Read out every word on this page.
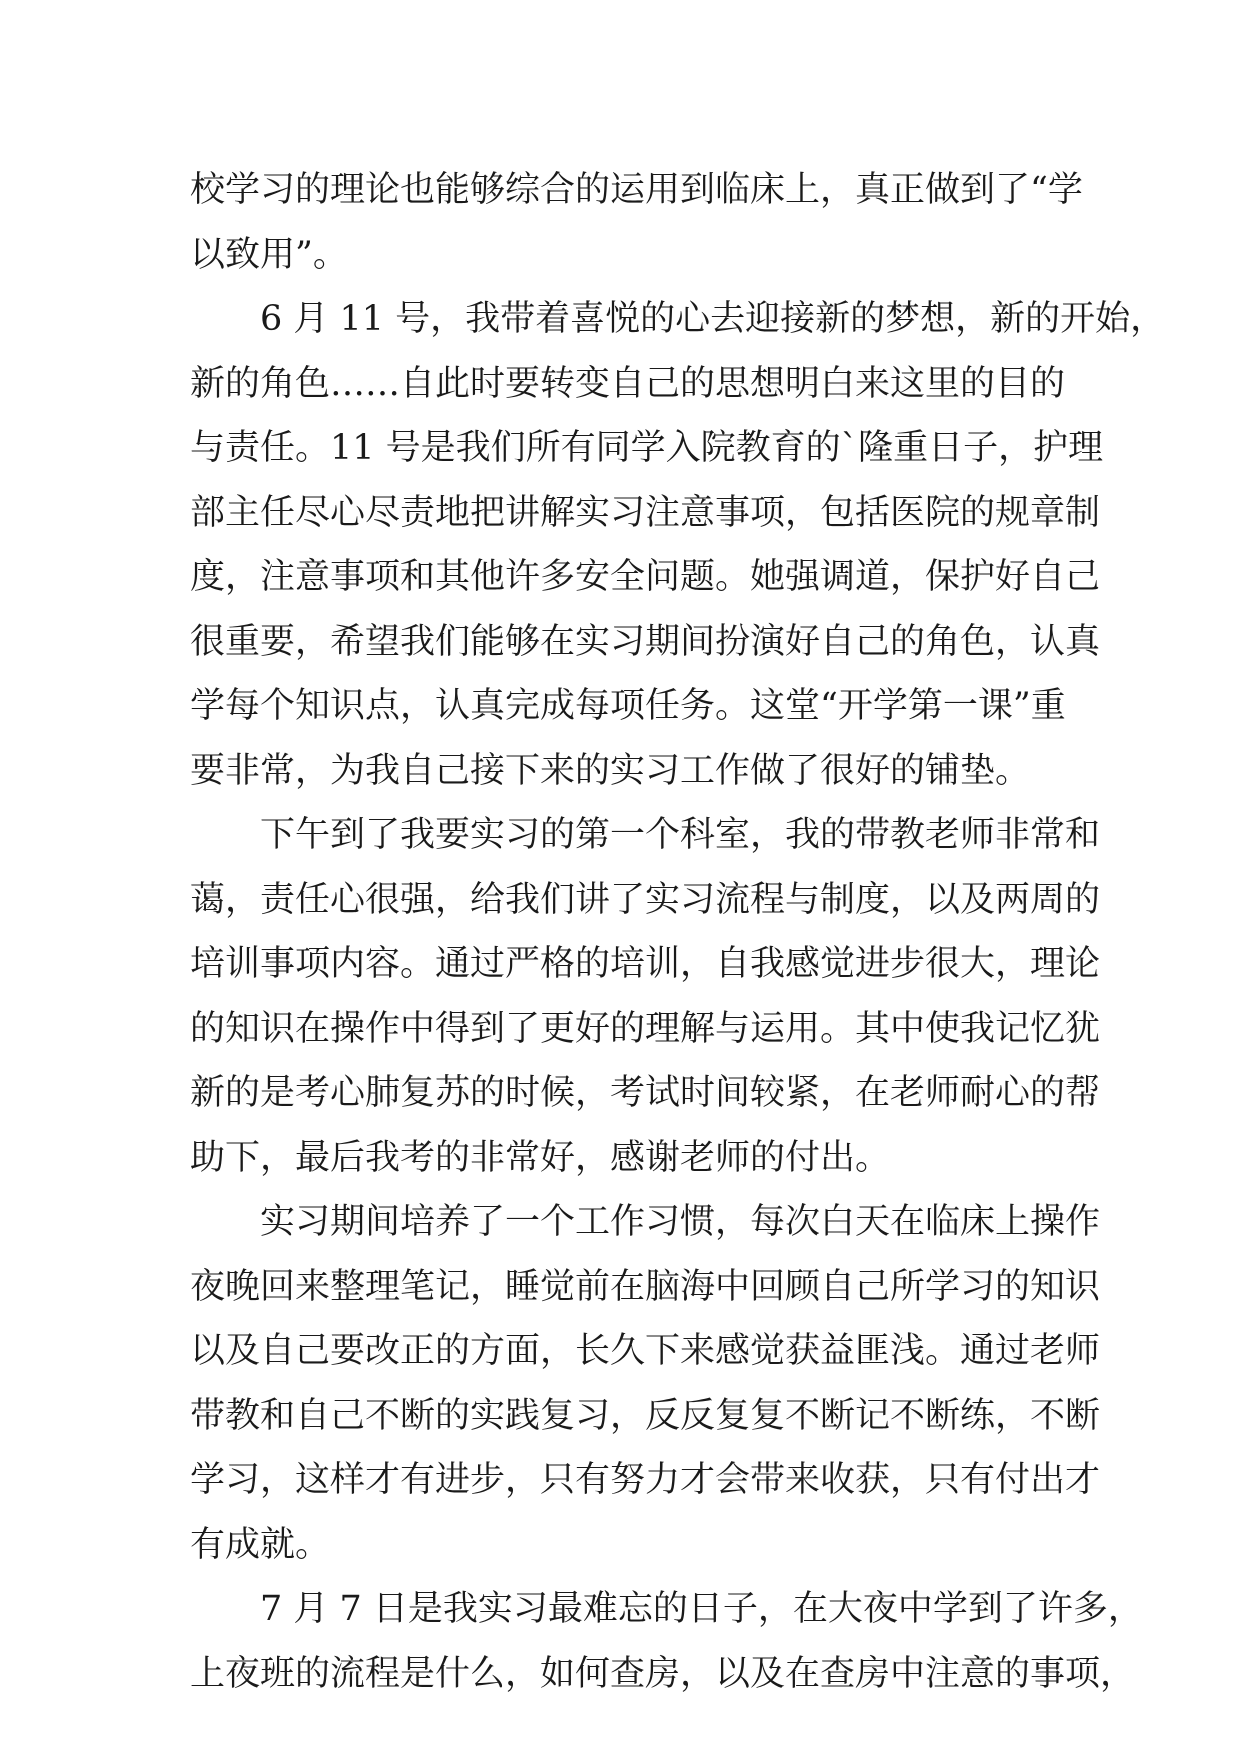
校学习的理论也能够综合的运用到临床上，真正做到了“学
以致用”。
6 月 11 号，我带着喜悦的心去迎接新的梦想，新的开始，
新的角色……自此时要转变自己的思想明白来这里的目的
与责任。11 号是我们所有同学入院教育的`隆重日子，护理
部主任尽心尽责地把讲解实习注意事项，包括医院的规章制
度，注意事项和其他许多安全问题。她强调道，保护好自己
很重要，希望我们能够在实习期间扮演好自己的角色，认真
学每个知识点，认真完成每项任务。这堂“开学第一课”重
要非常，为我自己接下来的实习工作做了很好的铺垫。
下午到了我要实习的第一个科室，我的带教老师非常和
蔼，责任心很强，给我们讲了实习流程与制度，以及两周的
培训事项内容。通过严格的培训，自我感觉进步很大，理论
的知识在操作中得到了更好的理解与运用。其中使我记忆犹
新的是考心肺复苏的时候，考试时间较紧，在老师耐心的帮
助下，最后我考的非常好，感谢老师的付出。
实习期间培养了一个工作习惯，每次白天在临床上操作
夜晚回来整理笔记，睡觉前在脑海中回顾自己所学习的知识
以及自己要改正的方面，长久下来感觉获益匪浅。通过老师
带教和自己不断的实践复习，反反复复不断记不断练，不断
学习，这样才有进步，只有努力才会带来收获，只有付出才
有成就。
7 月 7 日是我实习最难忘的日子，在大夜中学到了许多，
上夜班的流程是什么，如何查房，以及在查房中注意的事项，
